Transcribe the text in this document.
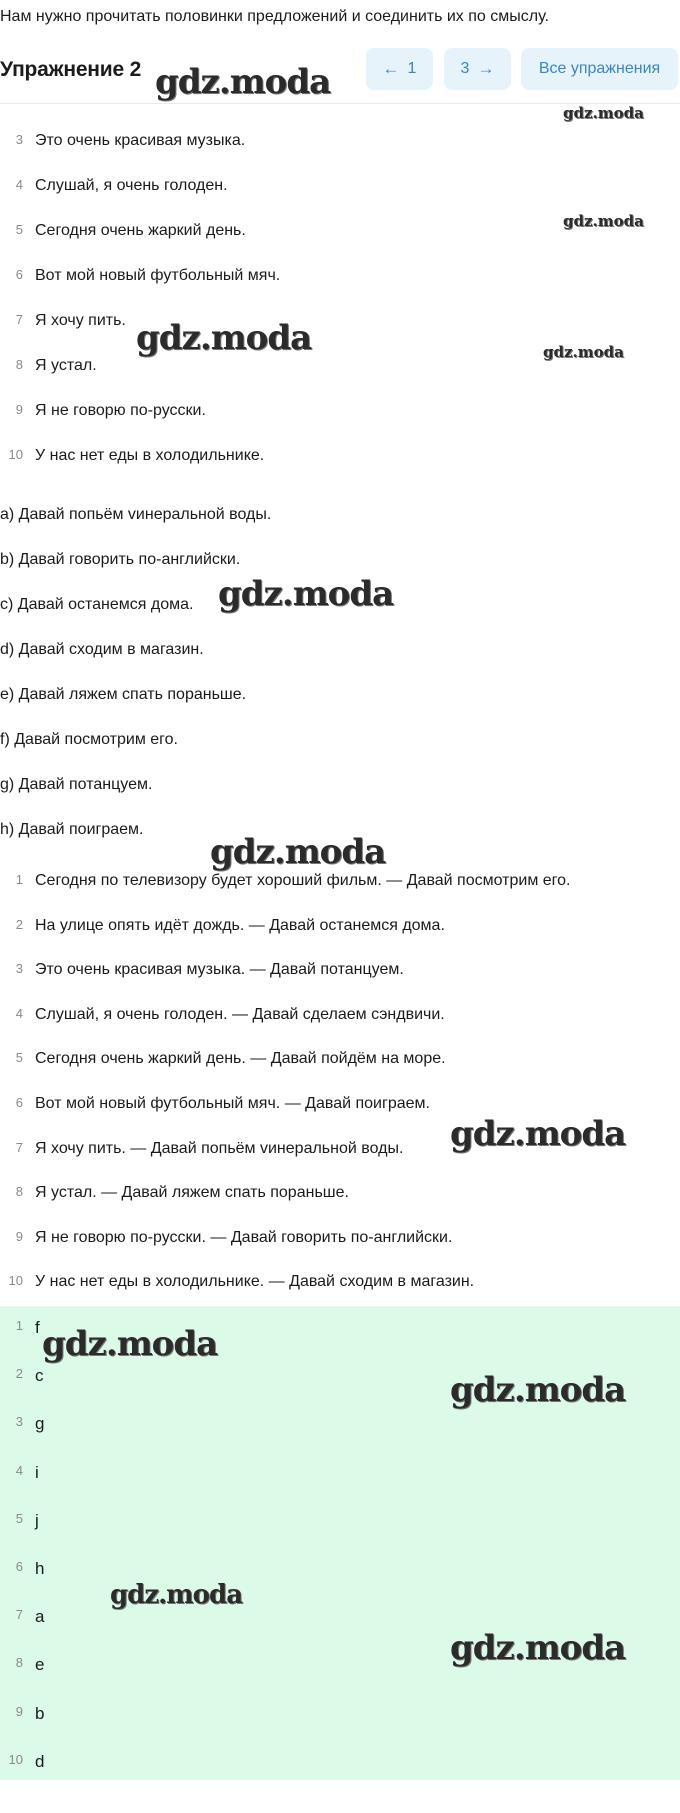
Нам нужно прочитать половинки предложений и соединить их по смыслу.
Упражнение 2	← 1	3 →	Все упражнения
3 Это очень красивая музыка.
4 Слушай, я очень голоден.
5 Сегодня очень жаркий день.
6 Вот мой новый футбольный мяч.
7 Я хочу пить.
8 Я устал.
9 Я не говорю по-русски.
10 У нас нет еды в холодильнике.
a) Давай попьём vинеральной воды.
b) Давай говорить по-английски.
c) Давай останемся дома.
d) Давай сходим в магазин.
e) Давай ляжем спать пораньше.
f) Давай посмотрим его.
g) Давай потанцуем.
h) Давай поиграем.
1 Сегодня по телевизору будет хороший фильм. — Давай посмотрим его.
2 На улице опять идёт дождь. — Давай останемся дома.
3 Это очень красивая музыка. — Давай потанцуем.
4 Слушай, я очень голоден. — Давай сделаем сэндвичи.
5 Сегодня очень жаркий день. — Давай пойдём на море.
6 Вот мой новый футбольный мяч. — Давай поиграем.
7 Я хочу пить. — Давай попьём vинеральной воды.
8 Я устал. — Давай ляжем спать пораньше.
9 Я не говорю по-русски. — Давай говорить по-английски.
10 У нас нет еды в холодильнике. — Давай сходим в магазин.
1 f
2 c
3 g
4 i
5 j
6 h
7 a
8 e
9 b
10 d
gdz.moda
gdz.moda
gdz.moda
gdz.moda	gdz.moda
gdz.moda
gdz.moda
gdz.moda
gdz.moda
gdz.moda
gdz.moda
gdz.moda
